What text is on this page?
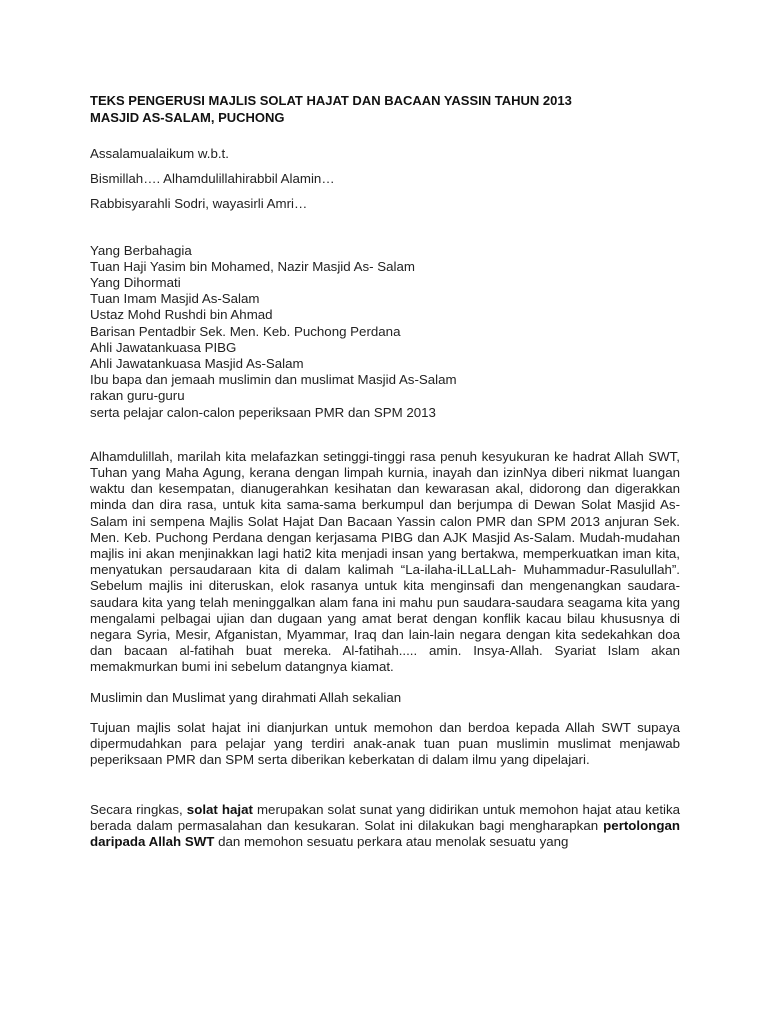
TEKS PENGERUSI MAJLIS SOLAT HAJAT DAN BACAAN YASSIN TAHUN 2013
MASJID AS-SALAM, PUCHONG

Assalamualaikum w.b.t.

Bismillah…. Alhamdulillahirabbil Alamin…

Rabbisyarahli Sodri, wayasirli Amri…

Yang Berbahagia

Tuan Haji Yasim bin Mohamed, Nazir Masjid As- Salam

Yang Dihormati

Tuan Imam Masjid As-Salam

Ustaz Mohd Rushdi bin Ahmad

Barisan Pentadbir Sek. Men. Keb. Puchong Perdana

Ahli Jawatankuasa PIBG

Ahli Jawatankuasa Masjid As-Salam

Ibu bapa dan jemaah muslimin dan muslimat Masjid As-Salam

rakan guru-guru

serta pelajar calon-calon peperiksaan PMR dan SPM 2013

Alhamdulillah, marilah kita melafazkan setinggi-tinggi rasa penuh kesyukuran ke hadrat Allah SWT, Tuhan yang Maha Agung, kerana dengan limpah kurnia, inayah dan izinNya diberi nikmat luangan waktu dan kesempatan, dianugerahkan kesihatan dan kewarasan akal, didorong dan digerakkan minda dan dira rasa, untuk kita sama-sama berkumpul dan berjumpa di Dewan Solat Masjid As-Salam ini sempena Majlis Solat Hajat Dan Bacaan Yassin calon PMR dan SPM 2013 anjuran Sek. Men. Keb. Puchong Perdana dengan kerjasama PIBG dan AJK Masjid As-Salam. Mudah-mudahan majlis ini akan menjinakkan lagi hati2 kita menjadi insan yang bertakwa, memperkuatkan iman kita, menyatukan persaudaraan kita di dalam kalimah “La-ilaha-iLLaLLah- Muhammadur-Rasulullah”. Sebelum majlis ini diteruskan, elok rasanya untuk kita menginsafi dan mengenangkan saudara-saudara kita yang telah meninggalkan alam fana ini mahu pun saudara-saudara seagama kita yang mengalami pelbagai ujian dan dugaan yang amat berat dengan konflik kacau bilau khususnya di negara Syria, Mesir, Afganistan, Myammar, Iraq dan lain-lain negara dengan kita sedekahkan doa dan bacaan al-fatihah buat mereka. Al-fatihah..... amin. Insya-Allah. Syariat Islam akan memakmurkan bumi ini sebelum datangnya kiamat.

Muslimin dan Muslimat yang dirahmati Allah sekalian

Tujuan majlis solat hajat ini dianjurkan untuk memohon dan berdoa kepada Allah SWT supaya dipermudahkan para pelajar yang terdiri anak-anak tuan puan muslimin muslimat menjawab peperiksaan PMR dan SPM serta diberikan keberkatan di dalam ilmu yang dipelajari.

Secara ringkas, solat hajat merupakan solat sunat yang didirikan untuk memohon hajat atau ketika berada dalam permasalahan dan kesukaran. Solat ini dilakukan bagi mengharapkan pertolongan daripada Allah SWT dan memohon sesuatu perkara atau menolak sesuatu yang
